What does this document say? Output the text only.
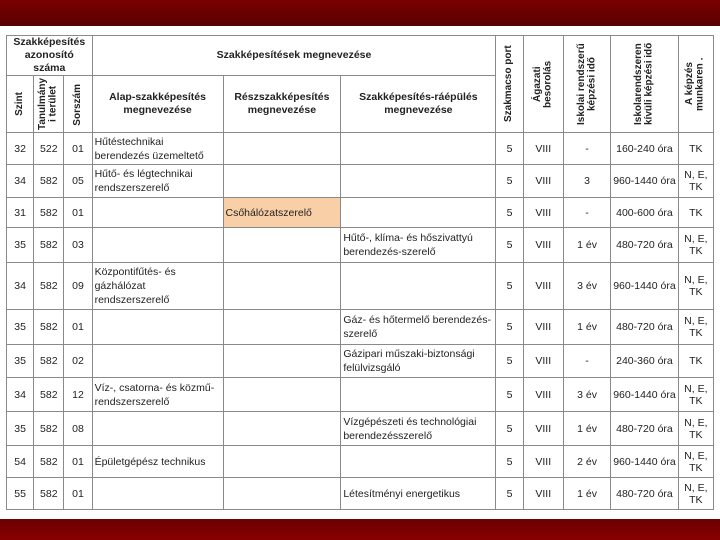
Szakképesítés azonosító száma			Szakképesítések megnevezése			Szakmacso port	Ágazati besorolás	Iskolai rendszerű képzési idő	Iskolarendszeren kívüli képzési idő	A képzés munkaren .

Szint	Tanulmány i terület	Sorszám	Alap-szakképesítés megnevezése	Részszakképesítés megnevezése	Szakképesítés-ráépülés megnevezése					
32	522	01	Hűtéstechnikai berendezés üzemeltető			5	VIII	-	160-240 óra	TK
34	582	05	Hűtő- és légtechnikai rendszerszerelő			5	VIII	3	960-1440 óra	N, E, TK
31	582	01		Csőhálózatszerelő		5	VIII	-	400-600 óra	TK
35	582	03			Hűtő-, klíma- és hőszivattyú berendezés-szerelő	5	VIII	1 év	480-720 óra	N, E, TK
34	582	09	Központifűtés- és gázhálózat rendszerszerelő			5	VIII	3 év	960-1440 óra	N, E, TK
35	582	01			Gáz- és hőtermelő berendezés-szerelő	5	VIII	1 év	480-720 óra	N, E, TK
35	582	02			Gázipari műszaki-biztonsági felülvizsgáló	5	VIII	-	240-360 óra	TK
34	582	12	Víz-, csatorna- és közmű-rendszerszerelő			5	VIII	3 év	960-1440 óra	N, E, TK
35	582	08			Vízgépészeti és technológiai berendezésszerelő	5	VIII	1 év	480-720 óra	N, E, TK
54	582	01	Épületgépész technikus			5	VIII	2 év	960-1440 óra	N, E, TK
55	582	01			Létesítményi energetikus	5	VIII	1 év	480-720 óra	N, E, TK
